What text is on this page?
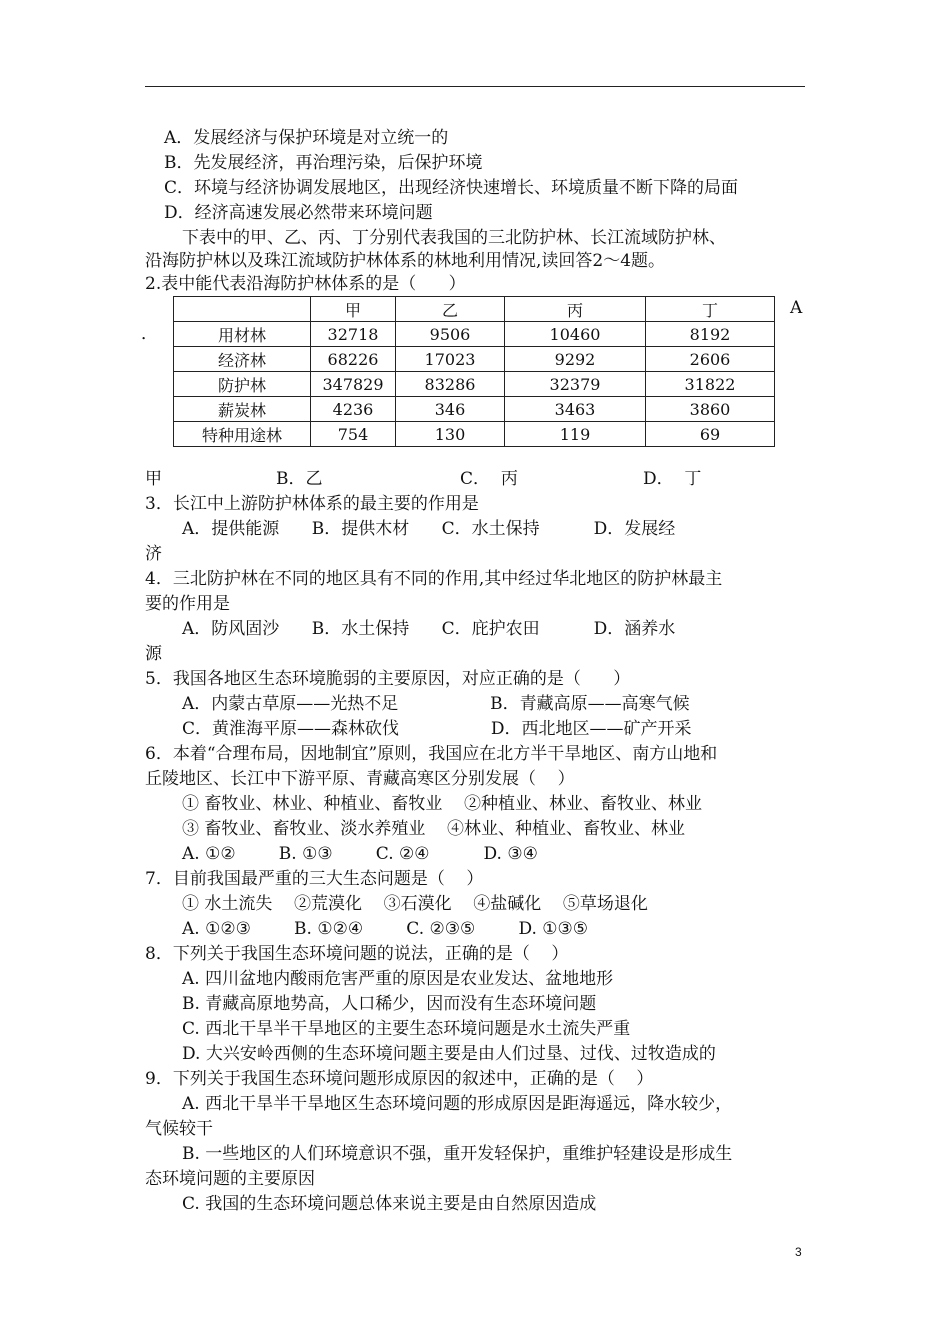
A．发展经济与保护环境是对立统一的
B．先发展经济，再治理污染，后保护环境
C．环境与经济协调发展地区，出现经济快速增长、环境质量不断下降的局面
D．经济高速发展必然带来环境问题
下表中的甲、乙、丙、丁分别代表我国的三北防护林、长江流域防护林、
沿海防护林以及珠江流域防护林体系的林地利用情况,读回答2～4题。
2.表中能代表沿海防护林体系的是（      ）
	甲	乙	丙	丁
用材林	32718	9506	10460	8192
经济林	68226	17023	9292	2606
防护林	347829	83286	32379	31822
薪炭林	4236	346	3463	3860
特种用途林	754	130	119	69
A
．
甲	B．乙	C．  丙	D．  丁
3．长江中上游防护林体系的最主要的作用是
A．提供能源      B．提供木材      C．水土保持          D．发展经
济
4．三北防护林在不同的地区具有不同的作用,其中经过华北地区的防护林最主
要的作用是
A．防风固沙      B．水土保持      C．庇护农田          D．涵养水
源
5．我国各地区生态环境脆弱的主要原因，对应正确的是（      ）
A．内蒙古草原——光热不足                 B．青藏高原——高寒气候
C．黄淮海平原——森林砍伐                 D．西北地区——矿产开采
6．本着“合理布局，因地制宜”原则，我国应在北方半干旱地区、南方山地和
丘陵地区、长江中下游平原、青藏高寒区分别发展（    ）
① 畜牧业、林业、种植业、畜牧业    ②种植业、林业、畜牧业、林业
③ 畜牧业、畜牧业、淡水养殖业    ④林业、种植业、畜牧业、林业
A. ①②        B. ①③        C. ②④          D. ③④
7．目前我国最严重的三大生态问题是（    ）
① 水土流失    ②荒漠化    ③石漠化    ④盐碱化    ⑤草场退化
A. ①②③        B. ①②④        C. ②③⑤        D. ①③⑤
8．下列关于我国生态环境问题的说法，正确的是（    ）
A. 四川盆地内酸雨危害严重的原因是农业发达、盆地地形
B. 青藏高原地势高，人口稀少，因而没有生态环境问题
C. 西北干旱半干旱地区的主要生态环境问题是水土流失严重
D. 大兴安岭西侧的生态环境问题主要是由人们过垦、过伐、过牧造成的
9．下列关于我国生态环境问题形成原因的叙述中，正确的是（    ）
A. 西北干旱半干旱地区生态环境问题的形成原因是距海遥远，降水较少，
气候较干
B. 一些地区的人们环境意识不强，重开发轻保护，重维护轻建设是形成生
态环境问题的主要原因
C. 我国的生态环境问题总体来说主要是由自然原因造成
3
